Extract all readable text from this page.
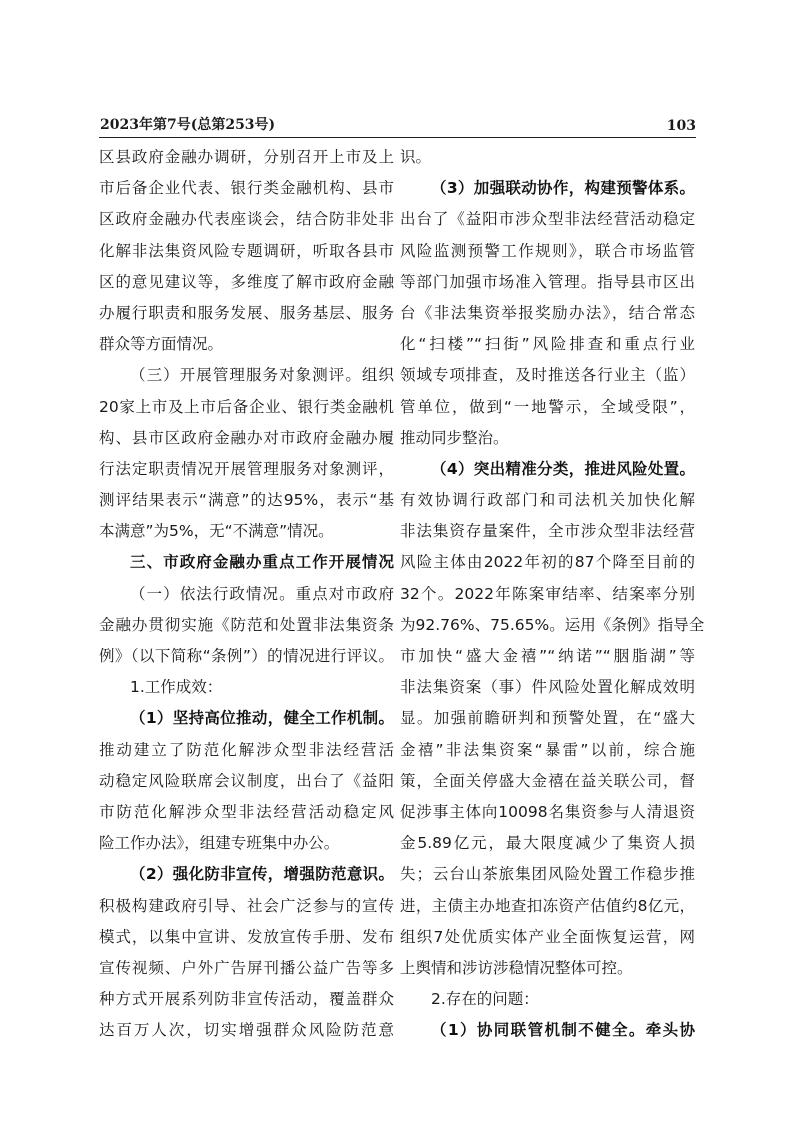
2023年第7号(总第253号)	103
区县政府金融办调研，分别召开上市及上
市后备企业代表、银行类金融机构、县市
区政府金融办代表座谈会，结合防非处非
化解非法集资风险专题调研，听取各县市
区的意见建议等，多维度了解市政府金融
办履行职责和服务发展、服务基层、服务
群众等方面情况。
（三）开展管理服务对象测评。组织
20家上市及上市后备企业、银行类金融机
构、县市区政府金融办对市政府金融办履
行法定职责情况开展管理服务对象测评，
测评结果表示“满意”的达95%，表示“基
本满意”为5%，无“不满意”情况。
三、市政府金融办重点工作开展情况
（一）依法行政情况。重点对市政府
金融办贯彻实施《防范和处置非法集资条
例》（以下简称“条例”）的情况进行评议。
1.工作成效：
（1）坚持高位推动，健全工作机制。
推动建立了防范化解涉众型非法经营活
动稳定风险联席会议制度，出台了《益阳
市防范化解涉众型非法经营活动稳定风
险工作办法》，组建专班集中办公。
（2）强化防非宣传，增强防范意识。
积极构建政府引导、社会广泛参与的宣传
模式，以集中宣讲、发放宣传手册、发布
宣传视频、户外广告屏刊播公益广告等多
种方式开展系列防非宣传活动，覆盖群众
达百万人次，切实增强群众风险防范意
识。
（3）加强联动协作，构建预警体系。
出台了《益阳市涉众型非法经营活动稳定
风险监测预警工作规则》，联合市场监管
等部门加强市场准入管理。指导县市区出
台《非法集资举报奖励办法》，结合常态
化“扫楼”“扫街”风险排查和重点行业
领域专项排查，及时推送各行业主（监）
管单位，做到“一地警示，全域受限”，
推动同步整治。
（4）突出精准分类，推进风险处置。
有效协调行政部门和司法机关加快化解
非法集资存量案件，全市涉众型非法经营
风险主体由2022年初的87个降至目前的
32个。2022年陈案审结率、结案率分别
为92.76%、75.65%。运用《条例》指导全
市加快“盛大金禧”“纳诺”“胭脂湖”等
非法集资案（事）件风险处置化解成效明
显。加强前瞻研判和预警处置，在“盛大
金禧”非法集资案“暴雷”以前，综合施
策，全面关停盛大金禧在益关联公司，督
促涉事主体向10098名集资参与人清退资
金5.89亿元，最大限度减少了集资人损
失；云台山茶旅集团风险处置工作稳步推
进，主债主办地查扣冻资产估值约8亿元，
组织7处优质实体产业全面恢复运营，网
上舆情和涉访涉稳情况整体可控。
2.存在的问题：
（1）协同联管机制不健全。牵头协
